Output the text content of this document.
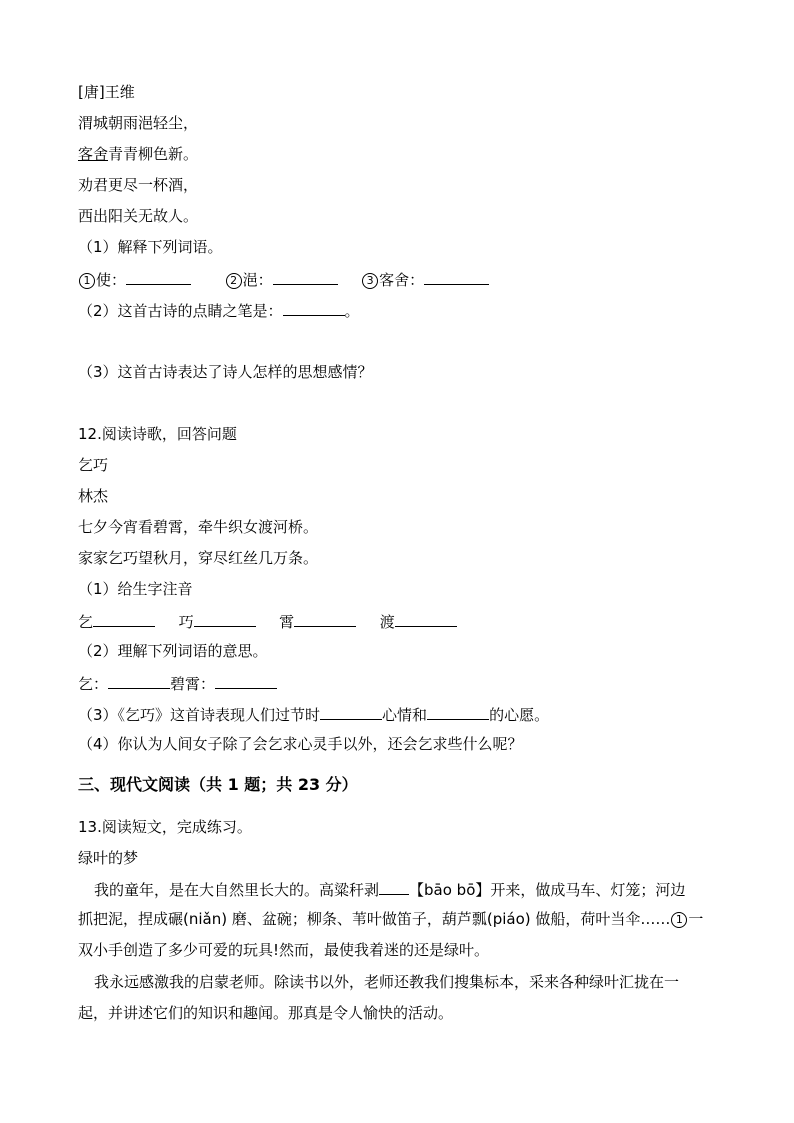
[唐]王维
渭城朝雨浥轻尘，
客舍青青柳色新。
劝君更尽一杯酒，
西出阳关无故人。
（1）解释下列词语。
1 使：	2 浥：	3 客舍：
（2）这首古诗的点睛之笔是：	。
（3）这首古诗表达了诗人怎样的思想感情？
12.阅读诗歌，回答问题
乞巧
林杰
七夕今宵看碧霄，牵牛织女渡河桥。
家家乞巧望秋月，穿尽红丝几万条。
（1）给生字注音
乞	巧	霄	渡
（2）理解下列词语的意思。
乞：	碧霄：
（3）《乞巧》这首诗表现人们过节时	心情和	的心愿。
（4）你认为人间女子除了会乞求心灵手以外，还会乞求些什么呢？
三、现代文阅读（共 1 题；共 23 分）
13.阅读短文，完成练习。
绿叶的梦
我的童年，是在大自然里长大的。高粱秆剥 【bāo bō】开来，做成马车、灯笼；河边
抓把泥，捏成碾(niǎn) 磨、盆碗；柳条、苇叶做笛子，葫芦瓢(piáo) 做船，荷叶当伞…… 1 一
双小手创造了多少可爱的玩具!然而，最使我着迷的还是绿叶。
我永远感激我的启蒙老师。除读书以外，老师还教我们搜集标本，采来各种绿叶汇拢在一
起，并讲述它们的知识和趣闻。那真是令人愉快的活动。
